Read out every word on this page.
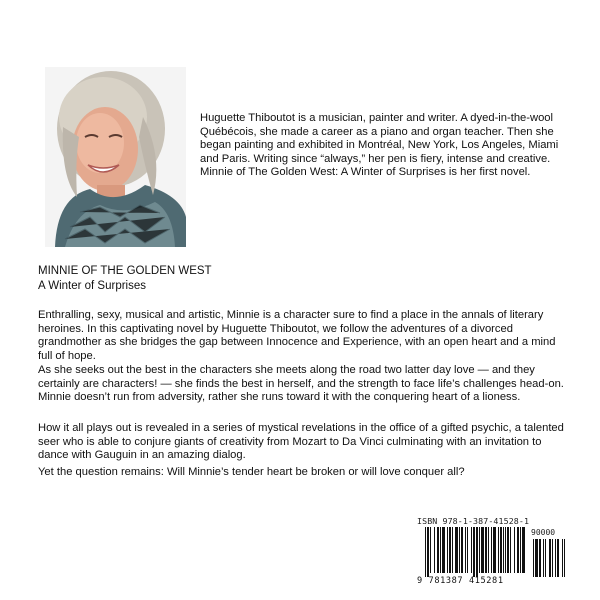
Huguette Thiboutot is a musician, painter and writer. A dyed-in-the-wool Québécois, she made a career as a piano and organ teacher. Then she began painting and exhibited in Montréal, New York, Los Angeles, Miami and Paris. Writing since “always,” her pen is fiery, intense and creative. Minnie of The Golden West: A Winter of Surprises is her first novel.

MINNIE OF THE GOLDEN WEST

A Winter of Surprises

Enthralling, sexy, musical and artistic, Minnie is a character sure to find a place in the annals of literary heroines. In this captivating novel by Huguette Thiboutot, we follow the adventures of a divorced grandmother as she bridges the gap between Innocence and Experience, with an open heart and a mind full of hope.

As she seeks out the best in the characters she meets along the road two latter day love — and they certainly are characters! — she finds the best in herself, and the strength to face life’s challenges head-on. Minnie doesn’t run from adversity, rather she runs toward it with the conquering heart of a lioness.

How it all plays out is revealed in a series of mystical revelations in the office of a gifted psychic, a talented seer who is able to conjure giants of creativity from Mozart to Da Vinci culminating with an invitation to dance with Gauguin in an amazing dialog.

Yet the question remains: Will Minnie’s tender heart be broken or will love conquer all?

ISBN 978-1-387-41528-1
90000
9 781387 415281
